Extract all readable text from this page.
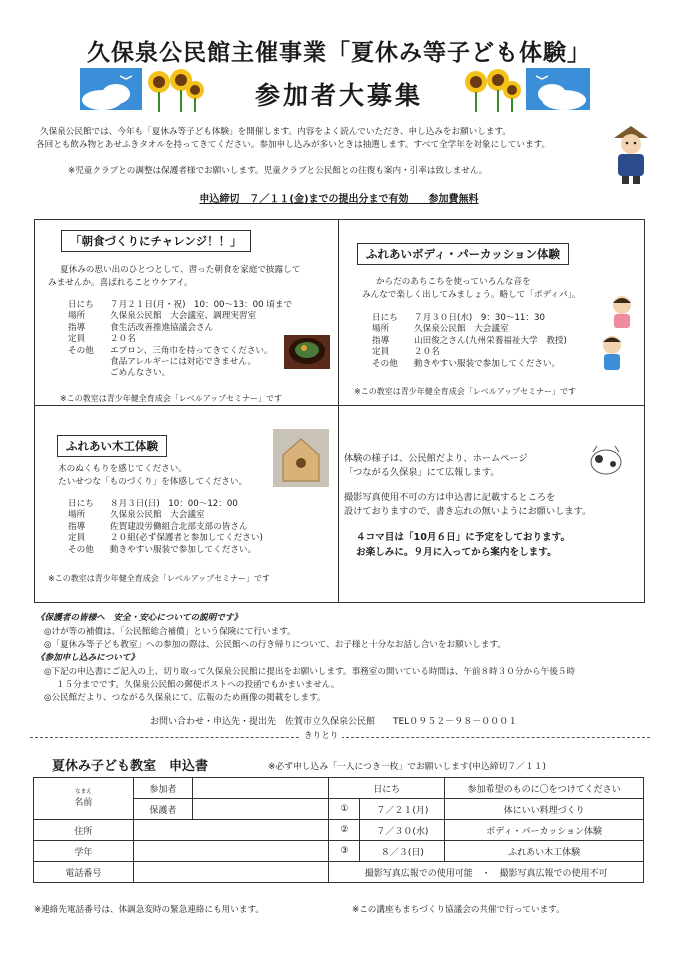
久保泉公民館主催事業「夏休み等子ども体験」
参加者大募集
久保泉公民館では、今年も「夏休み等子ども体験」を開催します。内容をよく読んでいただき、申し込みをお願いします。
各回とも飲み物とあせふきタオルを持ってきてください。参加申し込みが多いときは抽選します。すべて全学年を対象にしています。
※児童クラブとの調整は保護者様でお願いします。児童クラブと公民館との往復も案内・引率は致しません。
申込締切　７／１１(金)までの提出分まで有効　　参加費無料
「朝食づくりにチャレンジ！！」
夏休みの思い出のひとつとして、習った朝食を家庭で披露して
みませんか。喜ばれることウケアイ。
日にち ７月２１日(月・祝)　10：00～13：00 頃まで
場所	久保泉公民館　大会議室、調理実習室
指導	食生活改善推進協議会さん
定員	２０名
その他 エプロン、三角巾を持ってきてください。
食品アレルギーには対応できません。
ごめんなさい。
※この教室は青少年健全育成会「レベルアップセミナー」です
ふれあいボディ・パーカッション体験
からだのあちこちを使っていろんな音を
みんなで楽しく出してみましょう。略して「ボディパ」。
日にち ７月３０日(水)　9：30～11：30
場所	久保泉公民館　大会議室
指導	山田俊之さん(九州栄養福祉大学　教授)
定員	２０名
その他 動きやすい服装で参加してください。
※この教室は青少年健全育成会「レベルアップセミナー」です
ふれあい木工体験
木のぬくもりを感じてください。
たいせつな「ものづくり」を体感してください。
日にち ８月３日(日)　10：00～12：00
場所	久保泉公民館　大会議室
指導	佐賀建設労働組合北部支部の皆さん
定員	２０組(必ず保護者と参加してください)
その他 動きやすい服装で参加してください。
※この教室は青少年健全育成会「レベルアップセミナー」です
体験の様子は、公民館だより、ホームページ
「つながる久保泉」にて広報します。
撮影写真使用不可の方は申込書に記載するところを
設けておりますので、書き忘れの無いようにお願いします。
４コマ目は「10月６日」に予定をしております。
お楽しみに。９月に入ってから案内をします。
《保護者の皆様へ　安全・安心についての説明です》
◎けが等の補償は、「公民館総合補償」という保険にて行います。
◎「夏休み等子ども教室」への参加の際は、公民館への行き帰りについて、お子様と十分なお話し合いをお願いします。
《参加申し込みについて》
◎下記の申込書にご記入の上、切り取って久保泉公民館に提出をお願いします。事務室の開いている時間は、午前８時３０分から午後５時
１５分までです。久保泉公民館の郵便ポストへの投函でもかまいません。
◎公民館だより、つながる久保泉にて、広報のため画像の掲載をします。
お問い合わせ・申込先・提出先　佐賀市立久保泉公民館　　TEL０９５２－９８－０００１
きりとり
夏休み子ども教室　申込書	※必ず申し込み「一人につき一枚」でお願いします(申込締切７／１１)
なまえ
名前	参加者		日にち		参加希望のものに〇をつけてください
	保護者		①	７／２１(月)	体にいい料理づくり
住所			②	７／３０(水)	ボディ・パーカッション体験
学年			③	８／３(日)	ふれあい木工体験
電話番号			撮影写真広報での使用可能 ・ 撮影写真広報での使用不可		
※連絡先電話番号は、体調急変時の緊急連絡にも用います。	※この講座もまちづくり協議会の共催で行っています。
